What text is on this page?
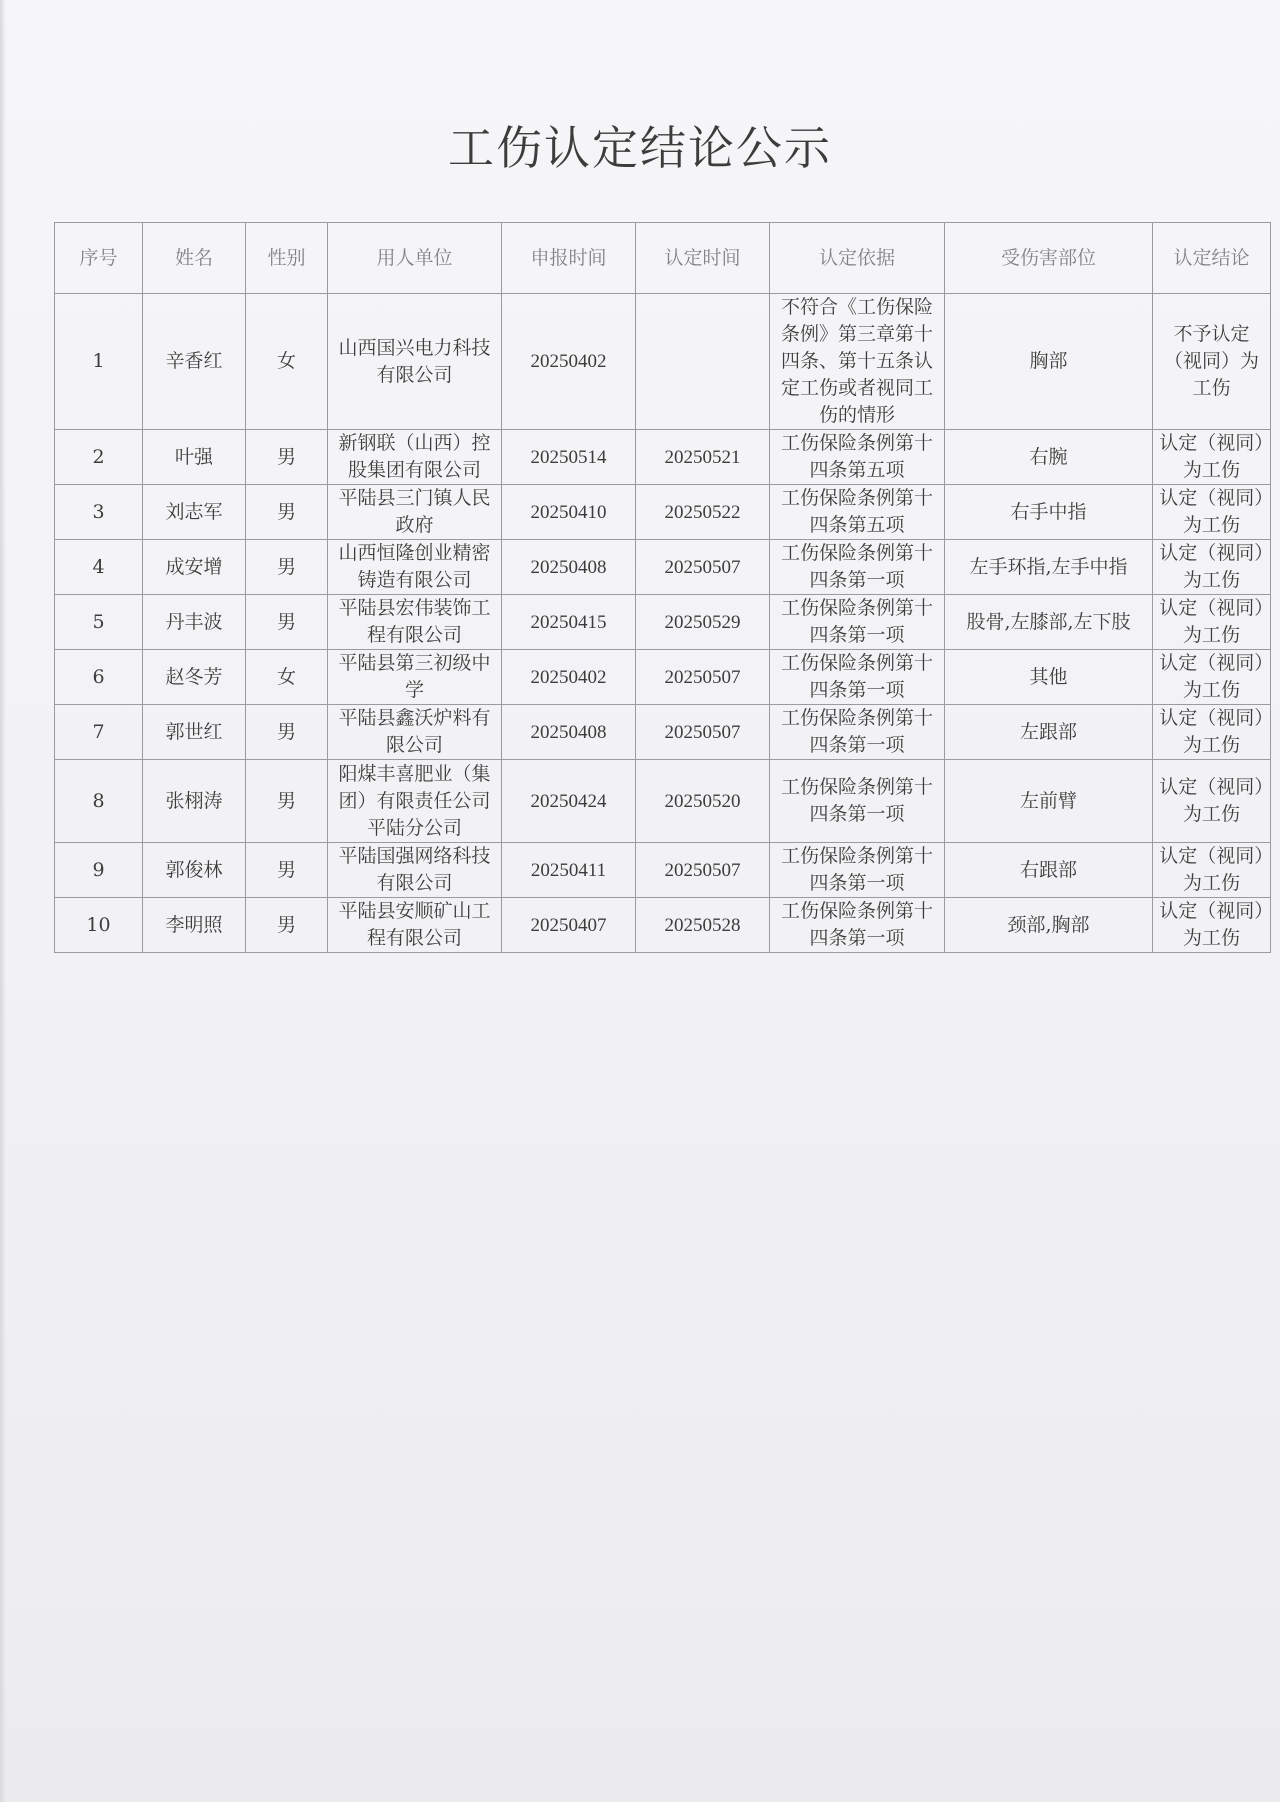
工伤认定结论公示
序号	姓名	性别	用人单位	申报时间	认定时间	认定依据	受伤害部位	认定结论
1	辛香红	女	山西国兴电力科技有限公司	20250402		不符合《工伤保险条例》第三章第十四条、第十五条认定工伤或者视同工伤的情形	胸部	不予认定（视同）为工伤
2	叶强	男	新钢联（山西）控股集团有限公司	20250514	20250521	工伤保险条例第十四条第五项	右腕	认定（视同）为工伤
3	刘志军	男	平陆县三门镇人民政府	20250410	20250522	工伤保险条例第十四条第五项	右手中指	认定（视同）为工伤
4	成安增	男	山西恒隆创业精密铸造有限公司	20250408	20250507	工伤保险条例第十四条第一项	左手环指,左手中指	认定（视同）为工伤
5	丹丰波	男	平陆县宏伟装饰工程有限公司	20250415	20250529	工伤保险条例第十四条第一项	股骨,左膝部,左下肢	认定（视同）为工伤
6	赵冬芳	女	平陆县第三初级中学	20250402	20250507	工伤保险条例第十四条第一项	其他	认定（视同）为工伤
7	郭世红	男	平陆县鑫沃炉料有限公司	20250408	20250507	工伤保险条例第十四条第一项	左跟部	认定（视同）为工伤
8	张栩涛	男	阳煤丰喜肥业（集团）有限责任公司平陆分公司	20250424	20250520	工伤保险条例第十四条第一项	左前臂	认定（视同）为工伤
9	郭俊林	男	平陆国强网络科技有限公司	20250411	20250507	工伤保险条例第十四条第一项	右跟部	认定（视同）为工伤
10	李明照	男	平陆县安顺矿山工程有限公司	20250407	20250528	工伤保险条例第十四条第一项	颈部,胸部	认定（视同）为工伤
